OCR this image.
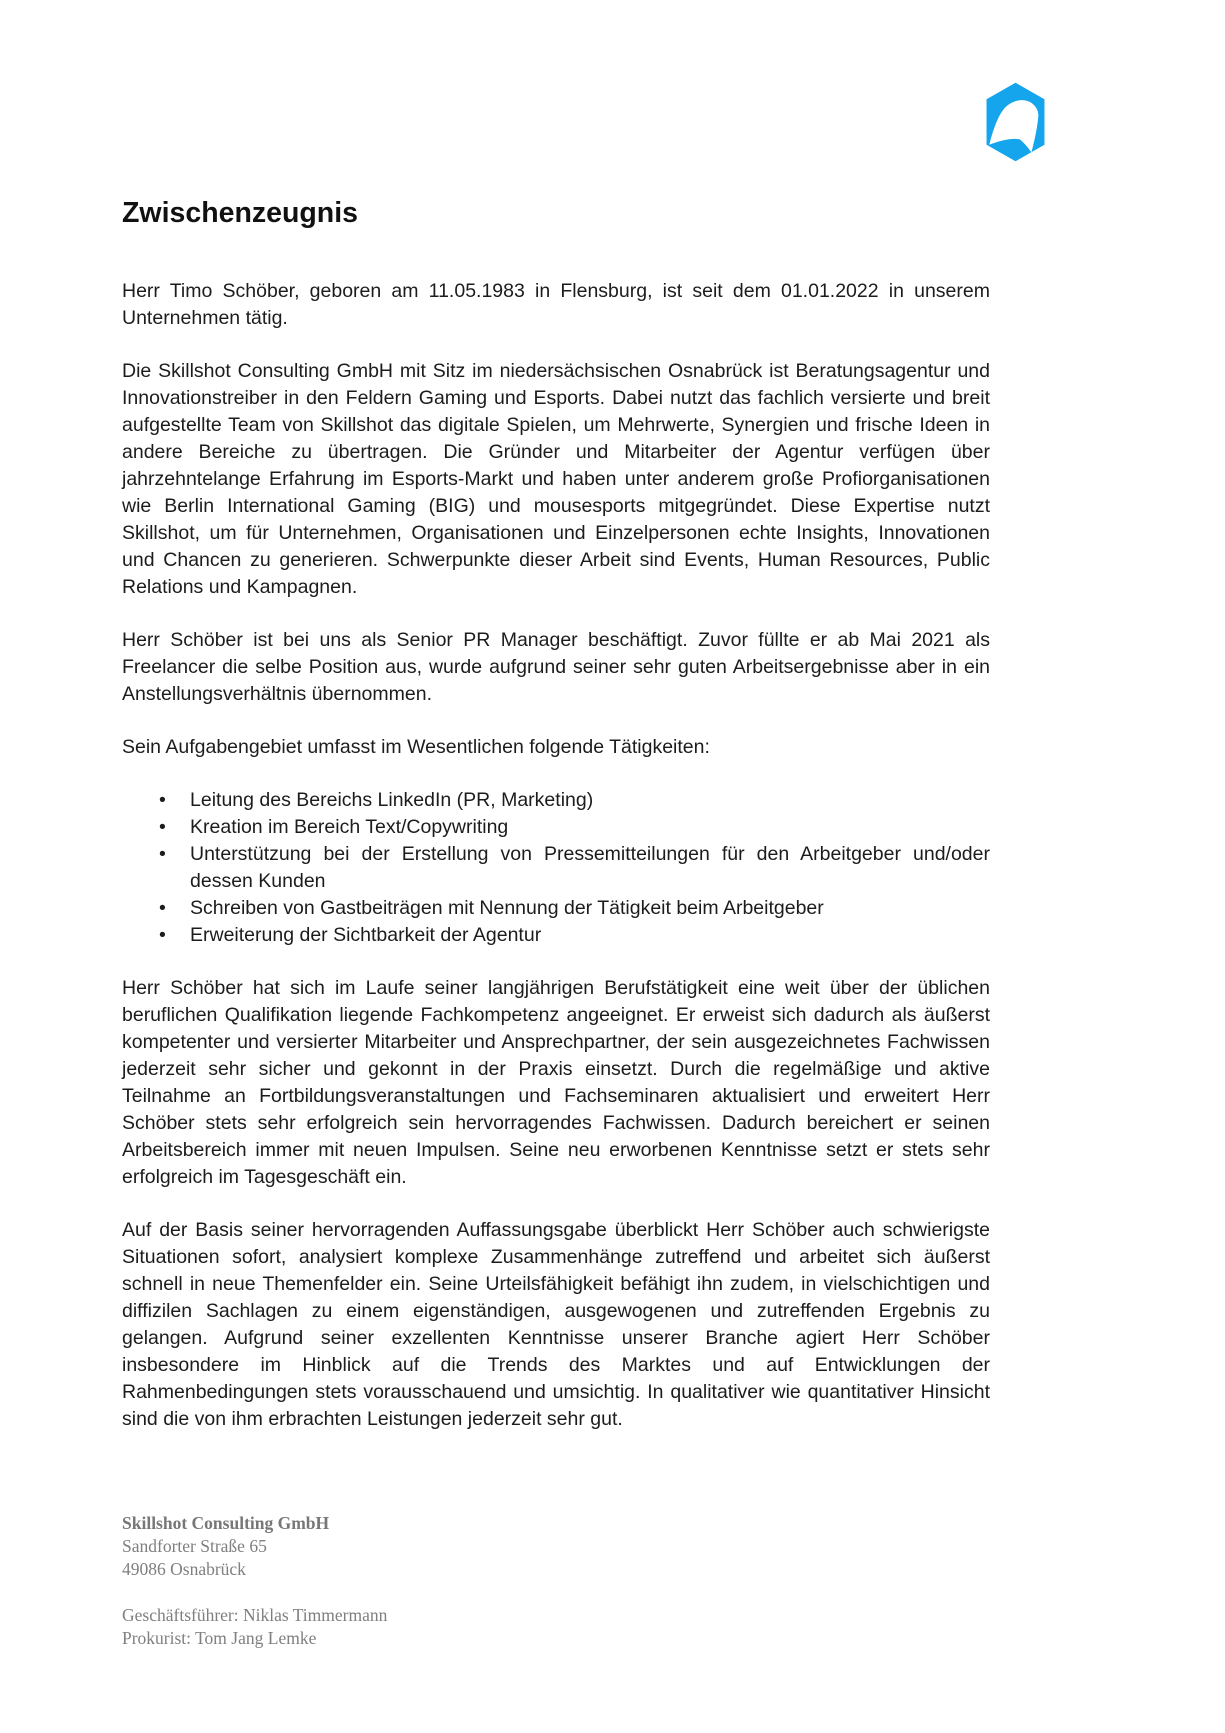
Zwischenzeugnis

Herr Timo Schöber, geboren am 11.05.1983 in Flensburg, ist seit dem 01.01.2022 in unserem Unternehmen tätig.

Die Skillshot Consulting GmbH mit Sitz im niedersächsischen Osnabrück ist Beratungsagentur und Innovationstreiber in den Feldern Gaming und Esports. Dabei nutzt das fachlich versierte und breit aufgestellte Team von Skillshot das digitale Spielen, um Mehrwerte, Synergien und frische Ideen in andere Bereiche zu übertragen. Die Gründer und Mitarbeiter der Agentur verfügen über jahrzehntelange Erfahrung im Esports-Markt und haben unter anderem große Profiorganisationen wie Berlin International Gaming (BIG) und mousesports mitgegründet. Diese Expertise nutzt Skillshot, um für Unternehmen, Organisationen und Einzelpersonen echte Insights, Innovationen und Chancen zu generieren. Schwerpunkte dieser Arbeit sind Events, Human Resources, Public Relations und Kampagnen.

Herr Schöber ist bei uns als Senior PR Manager beschäftigt. Zuvor füllte er ab Mai 2021 als Freelancer die selbe Position aus, wurde aufgrund seiner sehr guten Arbeitsergebnisse aber in ein Anstellungsverhältnis übernommen.

Sein Aufgabengebiet umfasst im Wesentlichen folgende Tätigkeiten:

• Leitung des Bereichs LinkedIn (PR, Marketing)
• Kreation im Bereich Text/Copywriting
• Unterstützung bei der Erstellung von Pressemitteilungen für den Arbeitgeber und/oder dessen Kunden
• Schreiben von Gastbeiträgen mit Nennung der Tätigkeit beim Arbeitgeber
• Erweiterung der Sichtbarkeit der Agentur

Herr Schöber hat sich im Laufe seiner langjährigen Berufstätigkeit eine weit über der üblichen beruflichen Qualifikation liegende Fachkompetenz angeeignet. Er erweist sich dadurch als äußerst kompetenter und versierter Mitarbeiter und Ansprechpartner, der sein ausgezeichnetes Fachwissen jederzeit sehr sicher und gekonnt in der Praxis einsetzt. Durch die regelmäßige und aktive Teilnahme an Fortbildungsveranstaltungen und Fachseminaren aktualisiert und erweitert Herr Schöber stets sehr erfolgreich sein hervorragendes Fachwissen. Dadurch bereichert er seinen Arbeitsbereich immer mit neuen Impulsen. Seine neu erworbenen Kenntnisse setzt er stets sehr erfolgreich im Tagesgeschäft ein.

Auf der Basis seiner hervorragenden Auffassungsgabe überblickt Herr Schöber auch schwierigste Situationen sofort, analysiert komplexe Zusammenhänge zutreffend und arbeitet sich äußerst schnell in neue Themenfelder ein. Seine Urteilsfähigkeit befähigt ihn zudem, in vielschichtigen und diffizilen Sachlagen zu einem eigenständigen, ausgewogenen und zutreffenden Ergebnis zu gelangen. Aufgrund seiner exzellenten Kenntnisse unserer Branche agiert Herr Schöber insbesondere im Hinblick auf die Trends des Marktes und auf Entwicklungen der Rahmenbedingungen stets vorausschauend und umsichtig. In qualitativer wie quantitativer Hinsicht sind die von ihm erbrachten Leistungen jederzeit sehr gut.

Skillshot Consulting GmbH
Sandforter Straße 65
49086 Osnabrück
Geschäftsführer: Niklas Timmermann
Prokurist: Tom Jang Lemke
